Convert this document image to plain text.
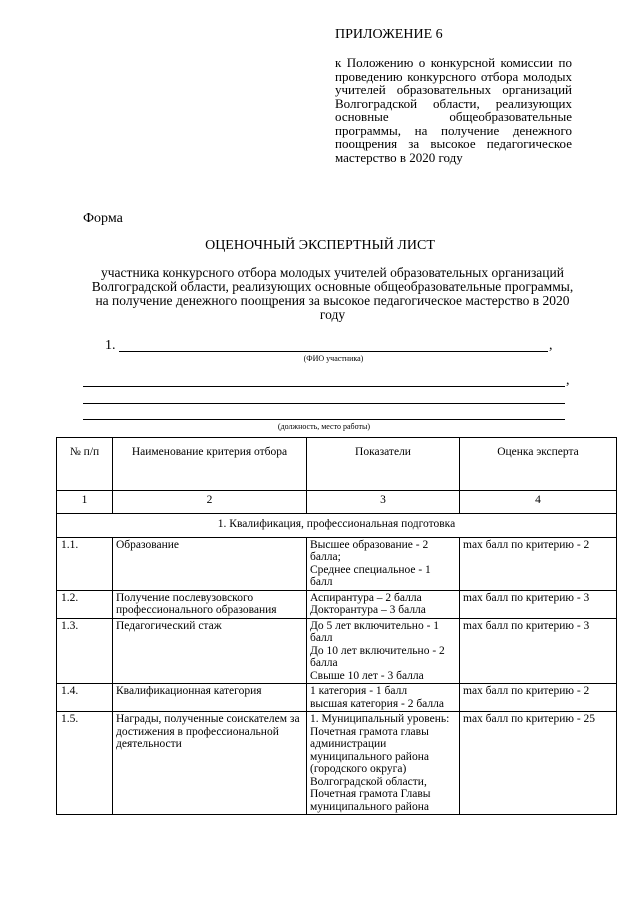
ПРИЛОЖЕНИЕ 6
к Положению о конкурсной комиссии по проведению конкурсного отбора молодых учителей образовательных организаций Волгоградской области, реализующих основные общеобразовательные программы, на получение денежного поощрения за высокое педагогическое мастерство в 2020 году
Форма
ОЦЕНОЧНЫЙ ЭКСПЕРТНЫЙ ЛИСТ
участника конкурсного отбора молодых учителей образовательных организаций Волгоградской области, реализующих основные общеобразовательные программы, на получение денежного поощрения за высокое педагогическое мастерство в 2020 году
1.	,
(ФИО участника)
,
(должность, место работы)
№ п/п	Наименование критерия отбора	Показатели	Оценка эксперта
1	2	3	4
1. Квалификация, профессиональная подготовка			
1.1.	Образование	Высшее образование - 2 балла;
Среднее специальное - 1 балл	max балл по критерию - 2
1.2.	Получение послевузовского профессионального образования	Аспирантура – 2 балла
Докторантура – 3 балла	max балл по критерию - 3
1.3.	Педагогический стаж	До 5 лет включительно - 1 балл
До 10 лет включительно - 2 балла
Свыше 10 лет - 3 балла	max балл по критерию - 3
1.4.	Квалификационная категория	1 категория - 1 балл
высшая категория - 2 балла	max балл по критерию - 2
1.5.	Награды, полученные соискателем за достижения в профессиональной деятельности	1. Муниципальный уровень:
Почетная грамота главы администрации муниципального района (городского округа) Волгоградской области,
Почетная грамота Главы муниципального района	max балл по критерию - 25
